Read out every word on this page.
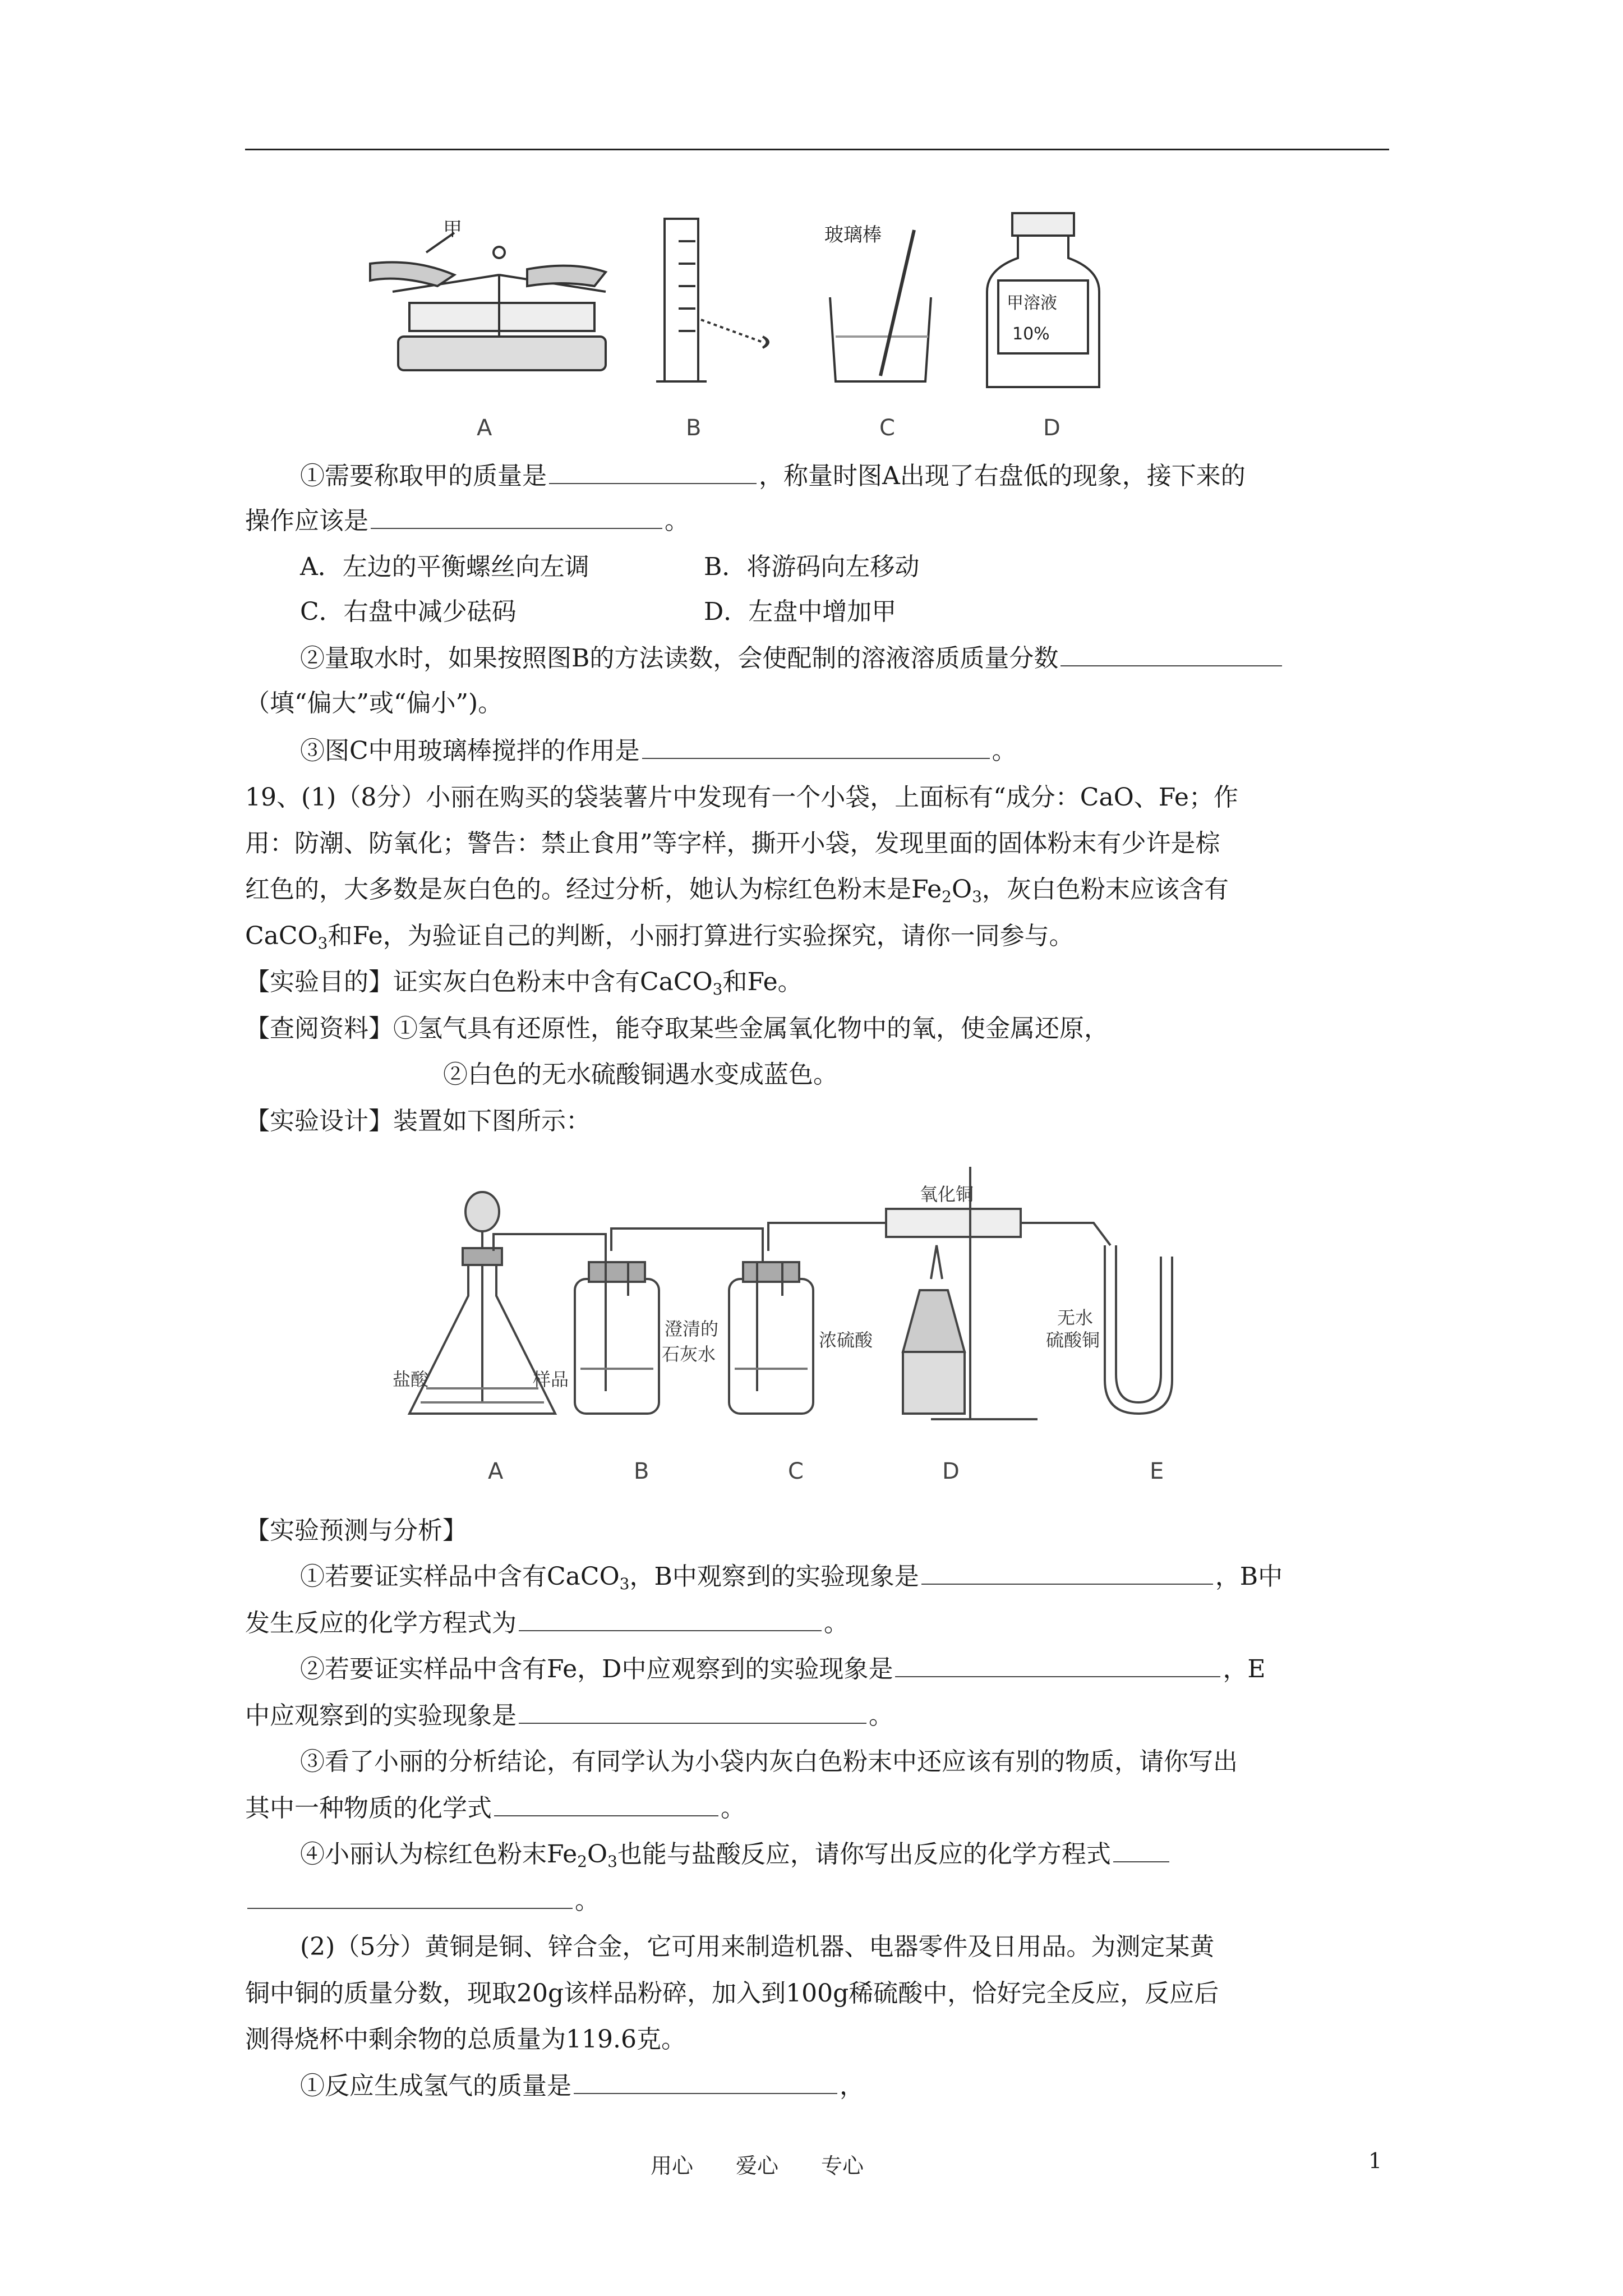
甲	玻璃棒
甲溶液
10%
A	B	C	D
①需要称取甲的质量是	，称量时图A出现了右盘低的现象，接下来的
操作应该是	。
A．左边的平衡螺丝向左调	B．将游码向左移动
C．右盘中减少砝码	D．左盘中增加甲
②量取水时，如果按照图B的方法读数，会使配制的溶液溶质质量分数
（填“偏大”或“偏小”)。
③图C中用玻璃棒搅拌的作用是	。
19、(1)（8分）小丽在购买的袋装薯片中发现有一个小袋，上面标有“成分：CaO、Fe；作
用：防潮、防氧化；警告：禁止食用”等字样，撕开小袋，发现里面的固体粉末有少许是棕
红色的，大多数是灰白色的。经过分析，她认为棕红色粉末是$Fe_2O_3$，灰白色粉末应该含有
CaCO$_3$和Fe，为验证自己的判断，小丽打算进行实验探究，请你一同参与。
【实验目的】证实灰白色粉末中含有CaCO$_3$和Fe。
【查阅资料】①氢气具有还原性，能夺取某些金属氧化物中的氧，使金属还原，
②白色的无水硫酸铜遇水变成蓝色。
【实验设计】装置如下图所示：
盐酸	样品
澄清的
石灰水
浓硫酸
氧化铜
无水
硫酸铜
A	B	C	D	E
【实验预测与分析】
①若要证实样品中含有CaCO$_3$，B中观察到的实验现象是	，B中
发生反应的化学方程式为	。
②若要证实样品中含有Fe，D中应观察到的实验现象是	，E
中应观察到的实验现象是	。
③看了小丽的分析结论，有同学认为小袋内灰白色粉末中还应该有别的物质，请你写出
其中一种物质的化学式	。
④小丽认为棕红色粉末$Fe_2O_3$也能与盐酸反应，请你写出反应的化学方程式
。
(2)（5分）黄铜是铜、锌合金，它可用来制造机器、电器零件及日用品。为测定某黄
铜中铜的质量分数，现取20g该样品粉碎，加入到100g稀硫酸中，恰好完全反应，反应后
测得烧杯中剩余物的总质量为119.6克。
①反应生成氢气的质量是	，
用心　　爱心　　专心	1
